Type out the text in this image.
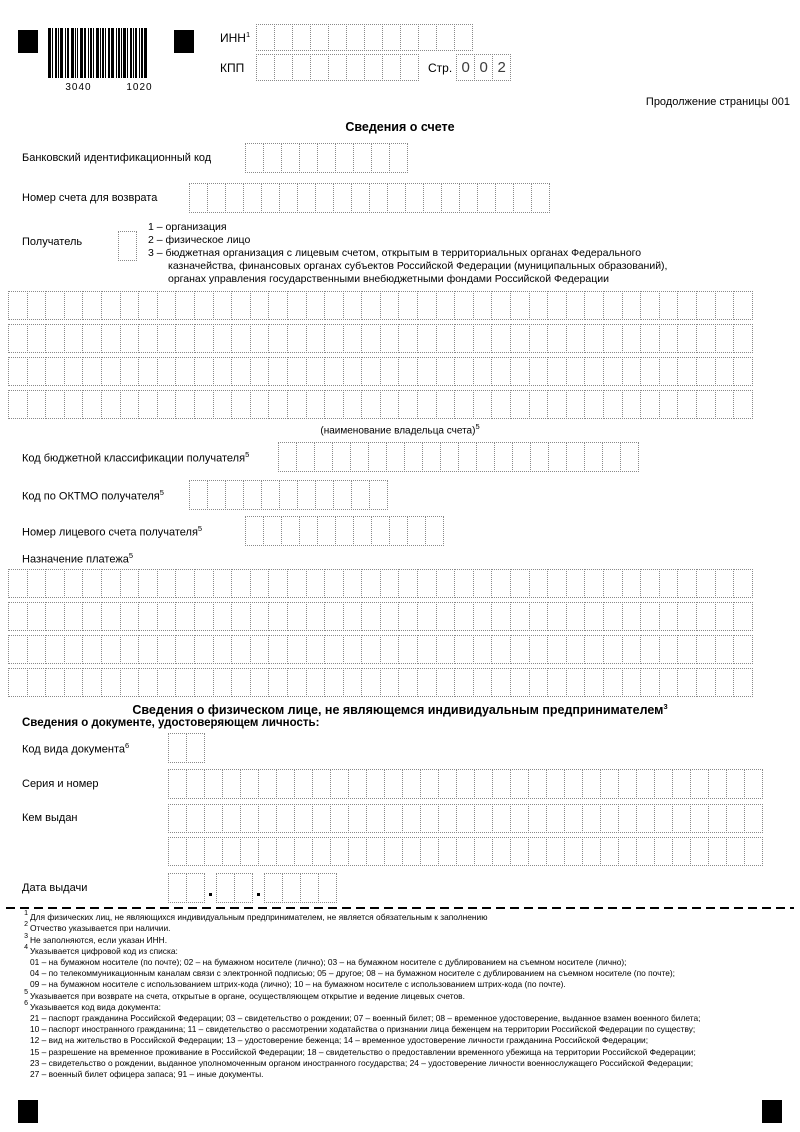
3040	1020
ИНН$^1$
КПП	Стр. 0 0 2
Продолжение страницы 001
Сведения о счете
Банковский идентификационный код
Номер счета для возврата
Получатель
1 – организация
2 – физическое лицо
3 – бюджетная организация с лицевым счетом, открытым в территориальных органах Федерального казначейства, финансовых органах субъектов Российской Федерации (муниципальных образований), органах управления государственными внебюджетными фондами Российской Федерации
(наименование владельца счета)$^5$
Код бюджетной классификации получателя$^5$
Код по ОКТМО получателя$^5$
Номер лицевого счета получателя$^5$
Назначение платежа$^5$
Сведения о физическом лице, не являющемся индивидуальным предпринимателем$^3$
Сведения о документе, удостоверяющем личность:
Код вида документа$^6$
Серия и номер
Кем выдан
Дата выдачи
1 Для физических лиц, не являющихся индивидуальным предпринимателем, не является обязательным к заполнению
2 Отчество указывается при наличии.
3 Не заполняются, если указан ИНН.
4 Указывается цифровой код из списка:
01 – на бумажном носителе (по почте); 02 – на бумажном носителе (лично); 03 – на бумажном носителе с дублированием на съемном носителе (лично);
04 – по телекоммуникационным каналам связи с электронной подписью; 05 – другое; 08 – на бумажном носителе с дублированием на съемном носителе (по почте);
09 – на бумажном носителе с использованием штрих-кода (лично); 10 – на бумажном носителе с использованием штрих-кода (по почте).
5 Указывается при возврате на счета, открытые в органе, осуществляющем открытие и ведение лицевых счетов.
6 Указывается код вида документа:
21 – паспорт гражданина Российской Федерации; 03 – свидетельство о рождении; 07 – военный билет; 08 – временное удостоверение, выданное взамен военного билета;
10 – паспорт иностранного гражданина; 11 – свидетельство о рассмотрении ходатайства о признании лица беженцем на территории Российской Федерации по существу;
12 – вид на жительство в Российской Федерации; 13 – удостоверение беженца; 14 – временное удостоверение личности гражданина Российской Федерации;
15 – разрешение на временное проживание в Российской Федерации; 18 – свидетельство о предоставлении временного убежища на территории Российской Федерации;
23 – свидетельство о рождении, выданное уполномоченным органом иностранного государства; 24 – удостоверение личности военнослужащего Российской Федерации;
27 – военный билет офицера запаса; 91 – иные документы.
